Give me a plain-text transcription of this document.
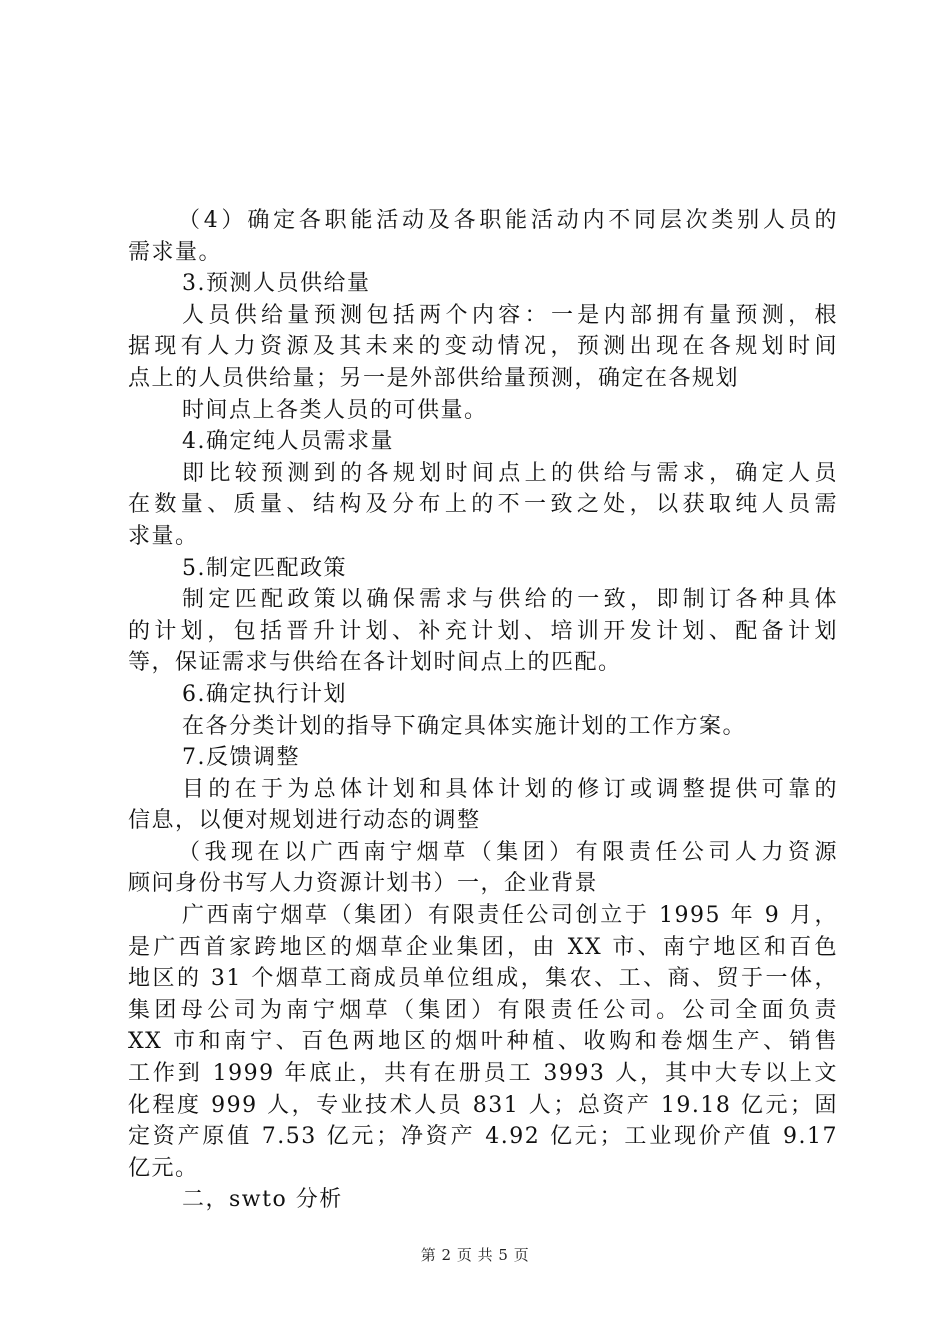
（4）确定各职能活动及各职能活动内不同层次类别人员的
需求量。
3.预测人员供给量
人员供给量预测包括两个内容：一是内部拥有量预测，根
据现有人力资源及其未来的变动情况，预测出现在各规划时间
点上的人员供给量；另一是外部供给量预测，确定在各规划
时间点上各类人员的可供量。
4.确定纯人员需求量
即比较预测到的各规划时间点上的供给与需求，确定人员
在数量、质量、结构及分布上的不一致之处，以获取纯人员需
求量。
5.制定匹配政策
制定匹配政策以确保需求与供给的一致，即制订各种具体
的计划，包括晋升计划、补充计划、培训开发计划、配备计划
等，保证需求与供给在各计划时间点上的匹配。
6.确定执行计划
在各分类计划的指导下确定具体实施计划的工作方案。
7.反馈调整
目的在于为总体计划和具体计划的修订或调整提供可靠的
信息，以便对规划进行动态的调整
（我现在以广西南宁烟草（集团）有限责任公司人力资源
顾问身份书写人力资源计划书）一，企业背景
广西南宁烟草（集团）有限责任公司创立于 1995 年 9 月，
是广西首家跨地区的烟草企业集团，由 XX 市、南宁地区和百色
地区的 31 个烟草工商成员单位组成，集农、工、商、贸于一体，
集团母公司为南宁烟草（集团）有限责任公司。公司全面负责
XX 市和南宁、百色两地区的烟叶种植、收购和卷烟生产、销售
工作到 1999 年底止，共有在册员工 3993 人，其中大专以上文
化程度 999 人，专业技术人员 831 人；总资产 19.18 亿元；固
定资产原值 7.53 亿元；净资产 4.92 亿元；工业现价产值 9.17
亿元。
二，swto 分析
第 2 页 共 5 页
